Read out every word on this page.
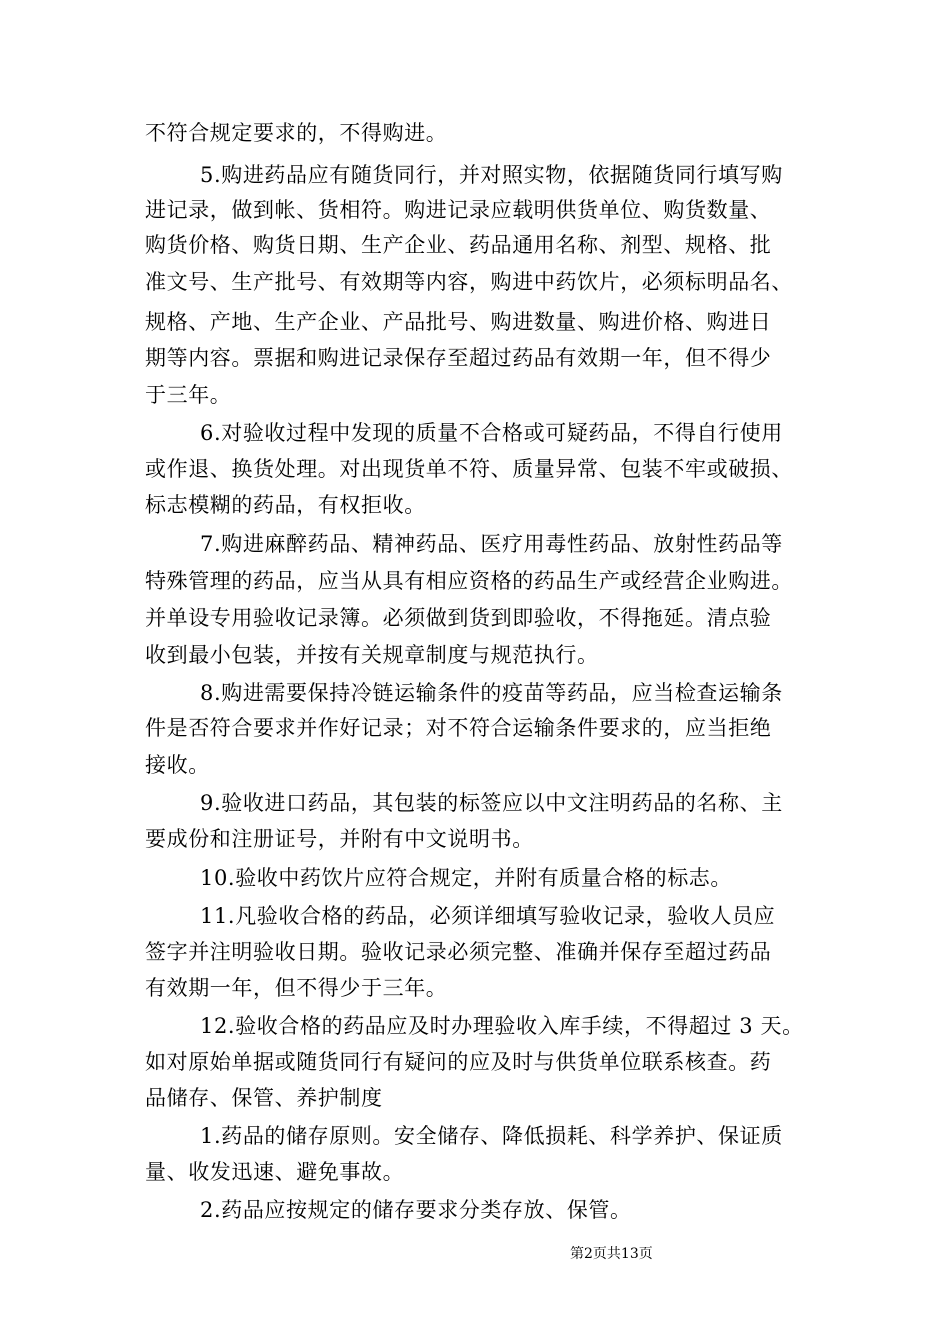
不符合规定要求的，不得购进。
5.购进药品应有随货同行，并对照实物，依据随货同行填写购
进记录，做到帐、货相符。购进记录应载明供货单位、购货数量、
购货价格、购货日期、生产企业、药品通用名称、剂型、规格、批
准文号、生产批号、有效期等内容，购进中药饮片，必须标明品名、
规格、产地、生产企业、产品批号、购进数量、购进价格、购进日
期等内容。票据和购进记录保存至超过药品有效期一年，但不得少
于三年。
6.对验收过程中发现的质量不合格或可疑药品，不得自行使用
或作退、换货处理。对出现货单不符、质量异常、包装不牢或破损、
标志模糊的药品，有权拒收。
7.购进麻醉药品、精神药品、医疗用毒性药品、放射性药品等
特殊管理的药品，应当从具有相应资格的药品生产或经营企业购进。
并单设专用验收记录簿。必须做到货到即验收，不得拖延。清点验
收到最小包装，并按有关规章制度与规范执行。
8.购进需要保持冷链运输条件的疫苗等药品，应当检查运输条
件是否符合要求并作好记录；对不符合运输条件要求的，应当拒绝
接收。
9.验收进口药品，其包装的标签应以中文注明药品的名称、主
要成份和注册证号，并附有中文说明书。
10.验收中药饮片应符合规定，并附有质量合格的标志。
11.凡验收合格的药品，必须详细填写验收记录，验收人员应
签字并注明验收日期。验收记录必须完整、准确并保存至超过药品
有效期一年，但不得少于三年。
12.验收合格的药品应及时办理验收入库手续，不得超过 3 天。
如对原始单据或随货同行有疑问的应及时与供货单位联系核查。药
品储存、保管、养护制度
1.药品的储存原则。安全储存、降低损耗、科学养护、保证质
量、收发迅速、避免事故。
2.药品应按规定的储存要求分类存放、保管。
第2页共13页
